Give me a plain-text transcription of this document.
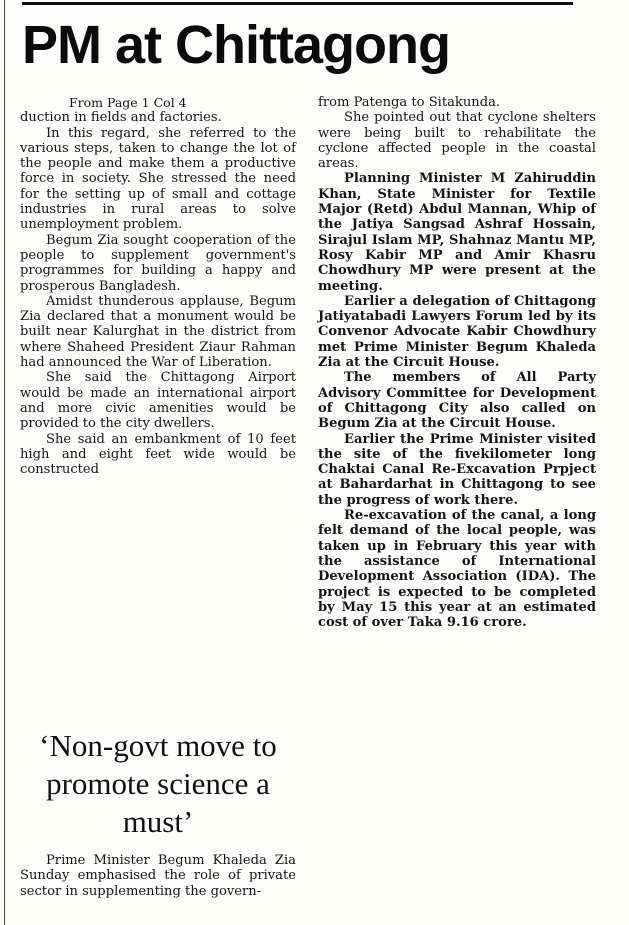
PM at Chittagong
From Page 1 Col 4

duction in fields and factories.

In this regard, she referred to the various steps, taken to change the lot of the people and make them a productive force in society. She stressed the need for the setting up of small and cottage industries in rural areas to solve unemployment problem.

Begum Zia sought cooperation of the people to supplement government's programmes for building a happy and prosperous Bangladesh.

Amidst thunderous applause, Begum Zia declared that a monument would be built near Kalurghat in the district from where Shaheed President Ziaur Rahman had announced the War of Liberation.

She said the Chittagong Airport would be made an international airport and more civic amenities would be provided to the city dwellers.

She said an embankment of 10 feet high and eight feet wide would be constructed

‘Non-govt move to promote science a must’

Prime Minister Begum Khaleda Zia Sunday emphasised the role of private sector in supplementing the govern-

from Patenga to Sitakunda.

She pointed out that cyclone shelters were being built to rehabilitate the cyclone affected people in the coastal areas.

Planning Minister M Zahiruddin Khan, State Minister for Textile Major (Retd) Abdul Mannan, Whip of the Jatiya Sangsad Ashraf Hossain, Sirajul Islam MP, Shahnaz Mantu MP, Rosy Kabir MP and Amir Khasru Chowdhury MP were present at the meeting.

Earlier a delegation of Chittagong Jatiyatabadi Lawyers Forum led by its Convenor Advocate Kabir Chowdhury met Prime Minister Begum Khaleda Zia at the Circuit House.

The members of All Party Advisory Committee for Development of Chittagong City also called on Begum Zia at the Circuit House.

Earlier the Prime Minister visited the site of the fivekilometer long Chaktai Canal Re-Excavation Prpject at Bahardarhat in Chittagong to see the progress of work there.

Re-excavation of the canal, a long felt demand of the local people, was taken up in February this year with the assistance of International Development Association (IDA). The project is expected to be completed by May 15 this year at an estimated cost of over Taka 9.16 crore.
